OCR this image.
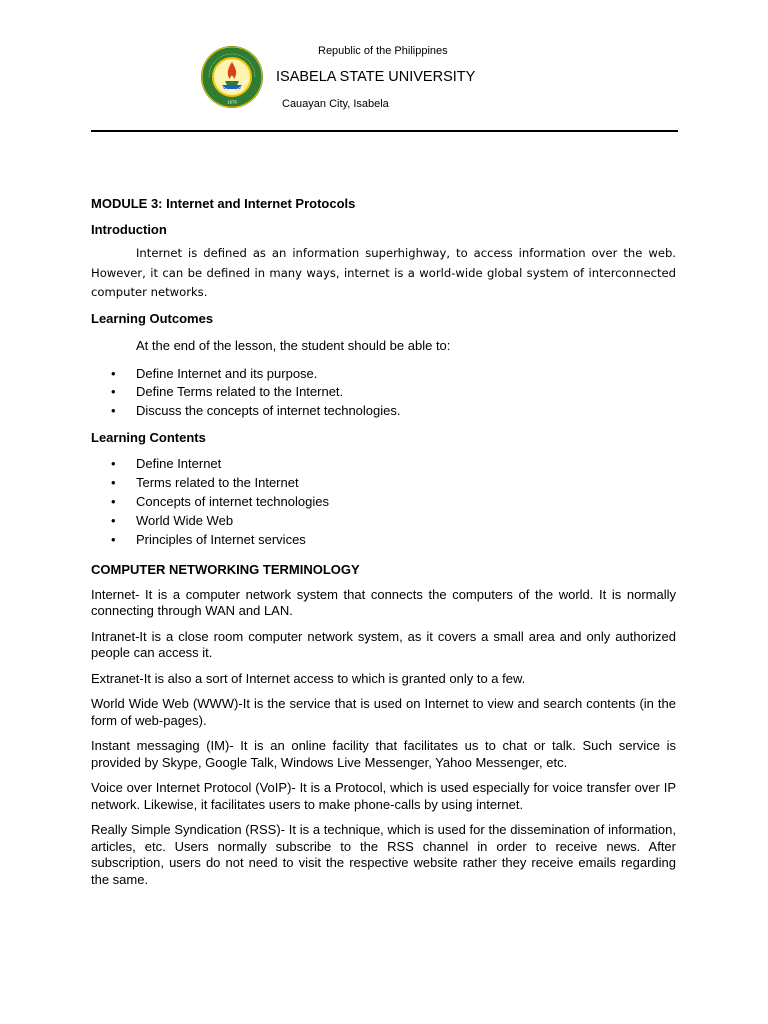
1978
Republic of the Philippines
ISABELA STATE UNIVERSITY
Cauayan City, Isabela

MODULE 3: Internet and Internet Protocols

Introduction

Internet is defined as an information superhighway, to access information over the web. However, it can be defined in many ways, internet is a world-wide global system of interconnected computer networks.

Learning Outcomes

At the end of the lesson, the student should be able to:

• Define Internet and its purpose.
• Define Terms related to the Internet.
• Discuss the concepts of internet technologies.

Learning Contents

• Define Internet
• Terms related to the Internet
• Concepts of internet technologies
• World Wide Web
• Principles of Internet services

COMPUTER NETWORKING TERMINOLOGY

Internet- It is a computer network system that connects the computers of the world. It is normally connecting through WAN and LAN.

Intranet-It is a close room computer network system, as it covers a small area and only authorized people can access it.

Extranet-It is also a sort of Internet access to which is granted only to a few.

World Wide Web (WWW)-It is the service that is used on Internet to view and search contents (in the form of web-pages).

Instant messaging (IM)- It is an online facility that facilitates us to chat or talk. Such service is provided by Skype, Google Talk, Windows Live Messenger, Yahoo Messenger, etc.

Voice over Internet Protocol (VoIP)- It is a Protocol, which is used especially for voice transfer over IP network. Likewise, it facilitates users to make phone-calls by using internet.

Really Simple Syndication (RSS)- It is a technique, which is used for the dissemination of information, articles, etc. Users normally subscribe to the RSS channel in order to receive news. After subscription, users do not need to visit the respective website rather they receive emails regarding the same.
